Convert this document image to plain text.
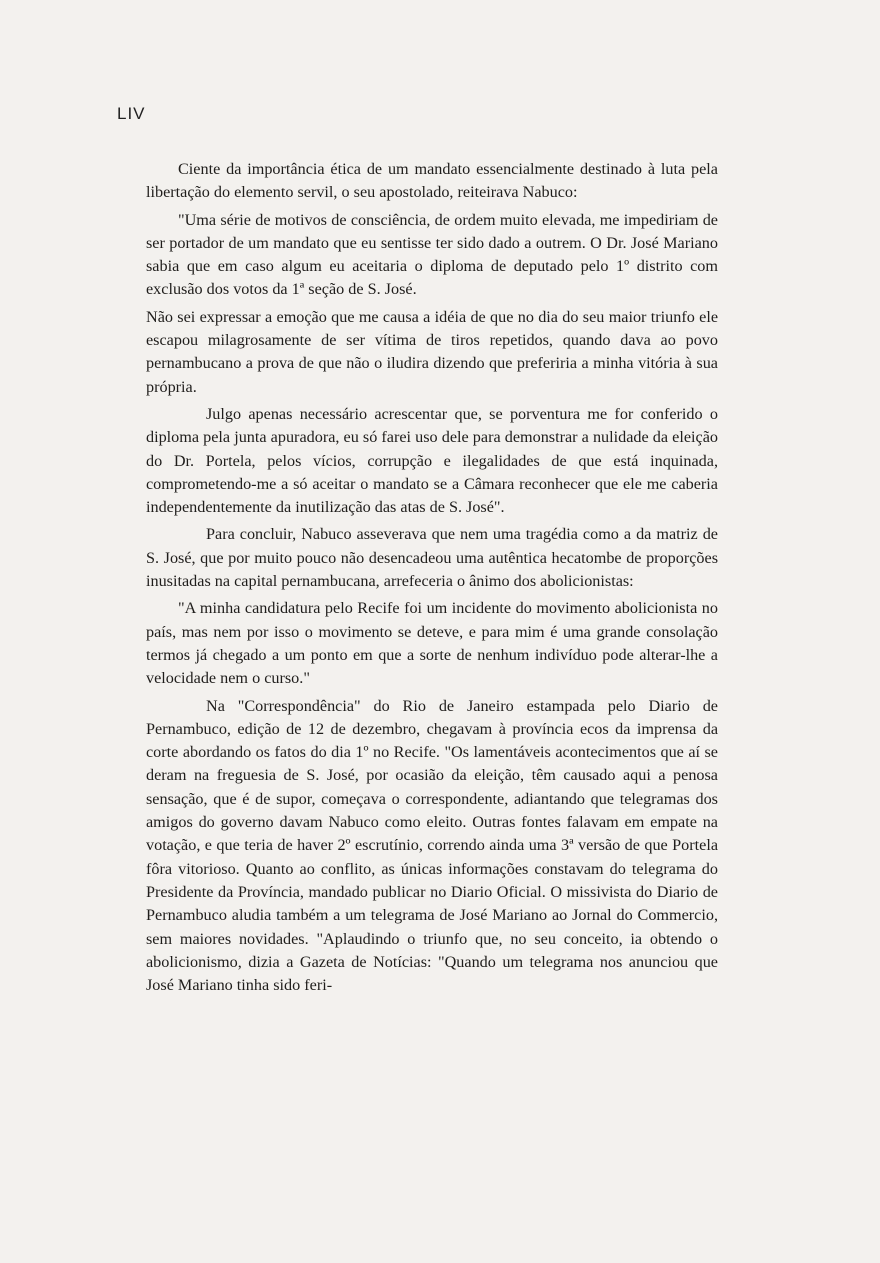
LIV

Ciente da importância ética de um mandato essencialmente destinado à luta pela libertação do elemento servil, o seu apostolado, reiteirava Nabuco:

"Uma série de motivos de consciência, de ordem muito elevada, me impediriam de ser portador de um mandato que eu sentisse ter sido dado a outrem. O Dr. José Mariano sabia que em caso algum eu aceitaria o diploma de deputado pelo 1º distrito com exclusão dos votos da 1ª seção de S. José.

Não sei expressar a emoção que me causa a idéia de que no dia do seu maior triunfo ele escapou milagrosamente de ser vítima de tiros repetidos, quando dava ao povo pernambucano a prova de que não o iludira dizendo que preferiria a minha vitória à sua própria.

Julgo apenas necessário acrescentar que, se porventura me for conferido o diploma pela junta apuradora, eu só farei uso dele para demonstrar a nulidade da eleição do Dr. Portela, pelos vícios, corrupção e ilegalidades de que está inquinada, comprometendo-me a só aceitar o mandato se a Câmara reconhecer que ele me caberia independentemente da inutilização das atas de S. José".

Para concluir, Nabuco asseverava que nem uma tragédia como a da matriz de S. José, que por muito pouco não desencadeou uma autêntica hecatombe de proporções inusitadas na capital pernambucana, arrefeceria o ânimo dos abolicionistas:

"A minha candidatura pelo Recife foi um incidente do movimento abolicionista no país, mas nem por isso o movimento se deteve, e para mim é uma grande consolação termos já chegado a um ponto em que a sorte de nenhum indivíduo pode alterar-lhe a velocidade nem o curso."

Na "Correspondência" do Rio de Janeiro estampada pelo Diario de Pernambuco, edição de 12 de dezembro, chegavam à província ecos da imprensa da corte abordando os fatos do dia 1º no Recife. "Os lamentáveis acontecimentos que aí se deram na freguesia de S. José, por ocasião da eleição, têm causado aqui a penosa sensação, que é de supor, começava o correspondente, adiantando que telegramas dos amigos do governo davam Nabuco como eleito. Outras fontes falavam em empate na votação, e que teria de haver 2º escrutínio, correndo ainda uma 3ª versão de que Portela fôra vitorioso. Quanto ao conflito, as únicas informações constavam do telegrama do Presidente da Província, mandado publicar no Diario Oficial. O missivista do Diario de Pernambuco aludia também a um telegrama de José Mariano ao Jornal do Commercio, sem maiores novidades. "Aplaudindo o triunfo que, no seu conceito, ia obtendo o abolicionismo, dizia a Gazeta de Notícias: "Quando um telegrama nos anunciou que José Mariano tinha sido feri-
